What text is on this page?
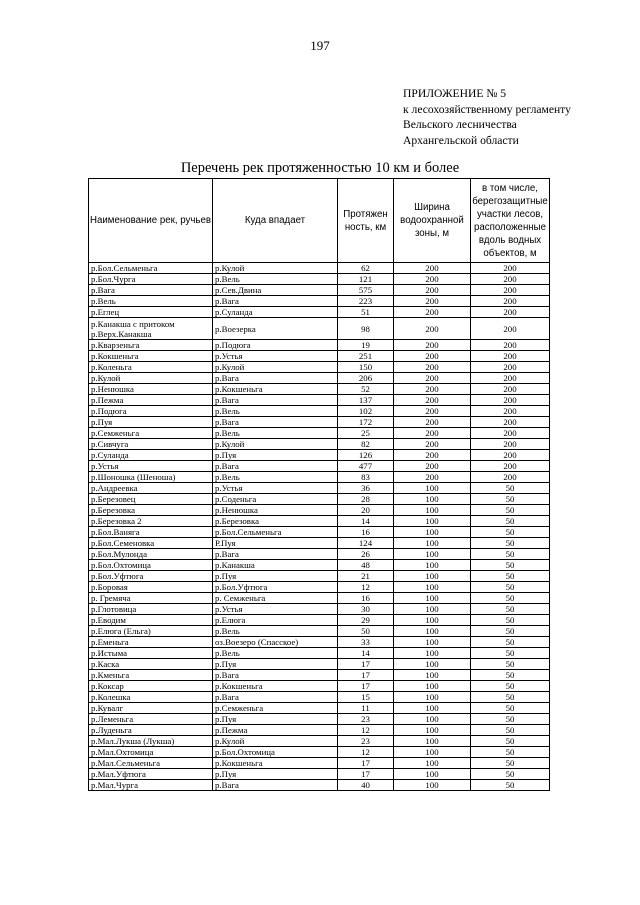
197
ПРИЛОЖЕНИЕ № 5
к лесохозяйственному регламенту
Вельского лесничества
Архангельской области
Перечень рек протяженностью 10 км и более
Наименование рек, ручьев	Куда впадает	Протяжен ность, км	Ширина водоохранной зоны, м	в том числе, берегозащитные участки лесов, расположенные вдоль водных объектов, м
р.Бол.Сельменьга	р.Кулой	62	200	200
р.Бол.Чурга	р.Вель	121	200	200
р.Вага	р.Сев.Двина	575	200	200
р.Вель	р.Вага	223	200	200
р.Еглец	р.Суланда	51	200	200
р.Канакша с притоком р.Верх.Канакша	р.Воезерка	98	200	200
р.Кварзеньга	р.Подюга	19	200	200
р.Кокшеньга	р.Устья	251	200	200
р.Коленьга	р.Кулой	150	200	200
р.Кулой	р.Вага	206	200	200
р.Ненюшка	р.Кокшеньга	52	200	200
р.Пежма	р.Вага	137	200	200
р.Подюга	р.Вель	102	200	200
р.Пуя	р.Вага	172	200	200
р.Семженьга	р.Вель	25	200	200
р.Сивчуга	р.Кулой	82	200	200
р.Суланда	р.Пуя	126	200	200
р.Устья	р.Вага	477	200	200
р.Шоношка (Шеноша)	р.Вель	83	200	200
р.Андреевка	р.Устья	36	100	50
р.Березовец	р.Соденьга	28	100	50
р.Березовка	р.Ненюшка	20	100	50
р.Березовка 2	р.Березовка	14	100	50
р.Бол.Ваняга	р.Бол.Сельменьга	16	100	50
р.Бол.Семеновка	Р.Пуя	124	100	50
р.Бол.Мулонда	р.Вага	26	100	50
р.Бол.Охтомица	р.Канакша	48	100	50
р.Бол.Уфтюга	р.Пуя	21	100	50
р.Боровая	р.Бол.Уфтюга	12	100	50
р. Гремяча	р. Семженьга	16	100	50
р.Глотовица	р.Устья	30	100	50
р.Еводим	р.Елюга	29	100	50
р.Елюга (Ельга)	р.Вель	50	100	50
р.Еменьга	оз.Воезеро (Спасское)	33	100	50
р.Истыма	р.Вель	14	100	50
р.Каска	р.Пуя	17	100	50
р.Кменьга	р.Вага	17	100	50
р.Коксар	р.Кокшеньга	17	100	50
р.Колешка	р.Вага	15	100	50
р.Кувалг	р.Семженьга	11	100	50
р.Леменьга	р.Пуя	23	100	50
р.Луденьга	р.Пежма	12	100	50
р.Мал.Лукша (Лукша)	р.Кулой	23	100	50
р.Мал.Охтомица	р.Бол.Охтомица	12	100	50
р.Мал.Сельменьга	р.Кокшеньга	17	100	50
р.Мал.Уфтюга	р.Пуя	17	100	50
р.Мал.Чурга	р.Вага	40	100	50
